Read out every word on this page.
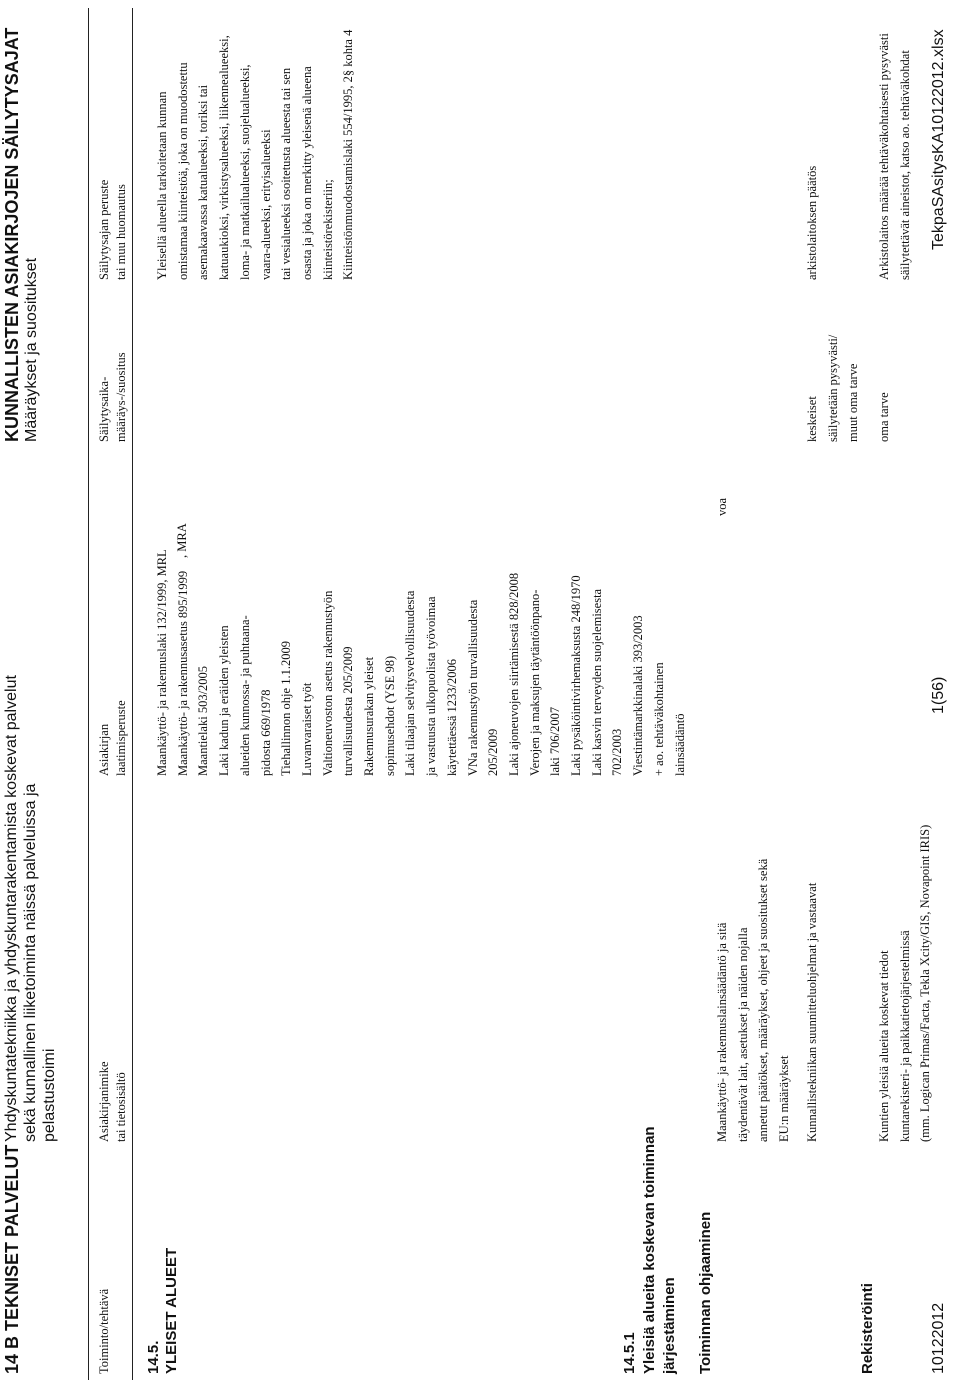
14 B TEKNISET PALVELUT
Yhdyskuntatekniikka ja yhdyskuntarakentamista koskevat palvelut sekä kunnallinen liiketoiminta näissä palveluissa ja pelastustoimi
KUNNALLISTEN ASIAKIRJOJEN SÄILYTYSAJAT Määräykset ja suositukset
Toiminto/tehtävä
Asiakirjanimike tai tietosisältö
Asiakirjan laatimisperuste
Säilytysaika- määräys-/suositus
Säilytysajan peruste tai muu huomautus
14.5. YLEISET ALUEET
Maankäyttö- ja rakennuslaki 132/1999, MRL Maankäyttö- ja rakennusasetus 895/1999 Maantielaki 503/2005 Laki kadun ja eräiden yleisten alueiden kunnossa- ja puhtaana- pidosta 669/1978 Tiehallinnon ohje 1.1.2009 Luvanvaraiset työt Valtioneuvoston asetus rakennustyön turvallisuudesta 205/2009 Rakennusurakan yleiset sopimusehdot (YSE 98) Laki tilaajan selvitysvelvollisuudesta ja vastuusta ulkopuolista työvoimaa käytettäessä 1233/2006 VNa rakennustyön turvallisuudesta 205/2009 Laki ajoneuvojen siirtämisestä 828/2008 Verojen ja maksujen täytäntöönpano- laki 706/2007 Laki pysäköintivirhemaksusta 248/1970 Laki kasvin terveyden suojelemisesta 702/2003 Viestintämarkkinalaki 393/2003 + ao. tehtäväkohtainen lainsäädäntö
, MRA
Yleisellä alueella tarkoitetaan kunnan omistamaa kiinteistöä, joka on muodostettu asemakaavassa katualueeksi, toriksi tai katuaukioksi, virkistysalueeksi, liikennealueeksi, loma- ja matkailualueeksi, suojelualueeksi, vaara-alueeksi, erityisalueeksi tai vesialueeksi osoitetusta alueesta tai sen osasta ja joka on merkitty yleisenä alueena kiinteistörekisteriin; Kiinteistönmuodostamislaki 554/1995, 2§ kohta 4
14.5.1 Yleisiä alueita koskevan toiminnan järjestäminen Toiminnan ohjaaminen
Maankäyttö- ja rakennuslainsäädäntö ja sitä täydentävät lait, asetukset ja näiden nojalla annetut päätökset, määräykset, ohjeet ja suositukset sekä EU:n määräykset
voa
Kunnallistekniikan suunnitteluohjelmat ja vastaavat
keskeiset säilytetään pysyvästi/ muut oma tarve
arkistolaitoksen päätös
Rekisteröinti
Kuntien yleisiä alueita koskevat tiedot kuntarekisteri- ja paikkatietojärjestelmissä (mm. Logican Primas/Facta, Tekla Xcity/GIS, Novapoint IRIS)
oma tarve
Arkistolaitos määrää tehtäväkohtaisesti pysyvästi säilytettävät aineistot, katso ao. tehtäväkohdat
10122012
1(56)
TekpaSAsitysKA10122012.xlsx
